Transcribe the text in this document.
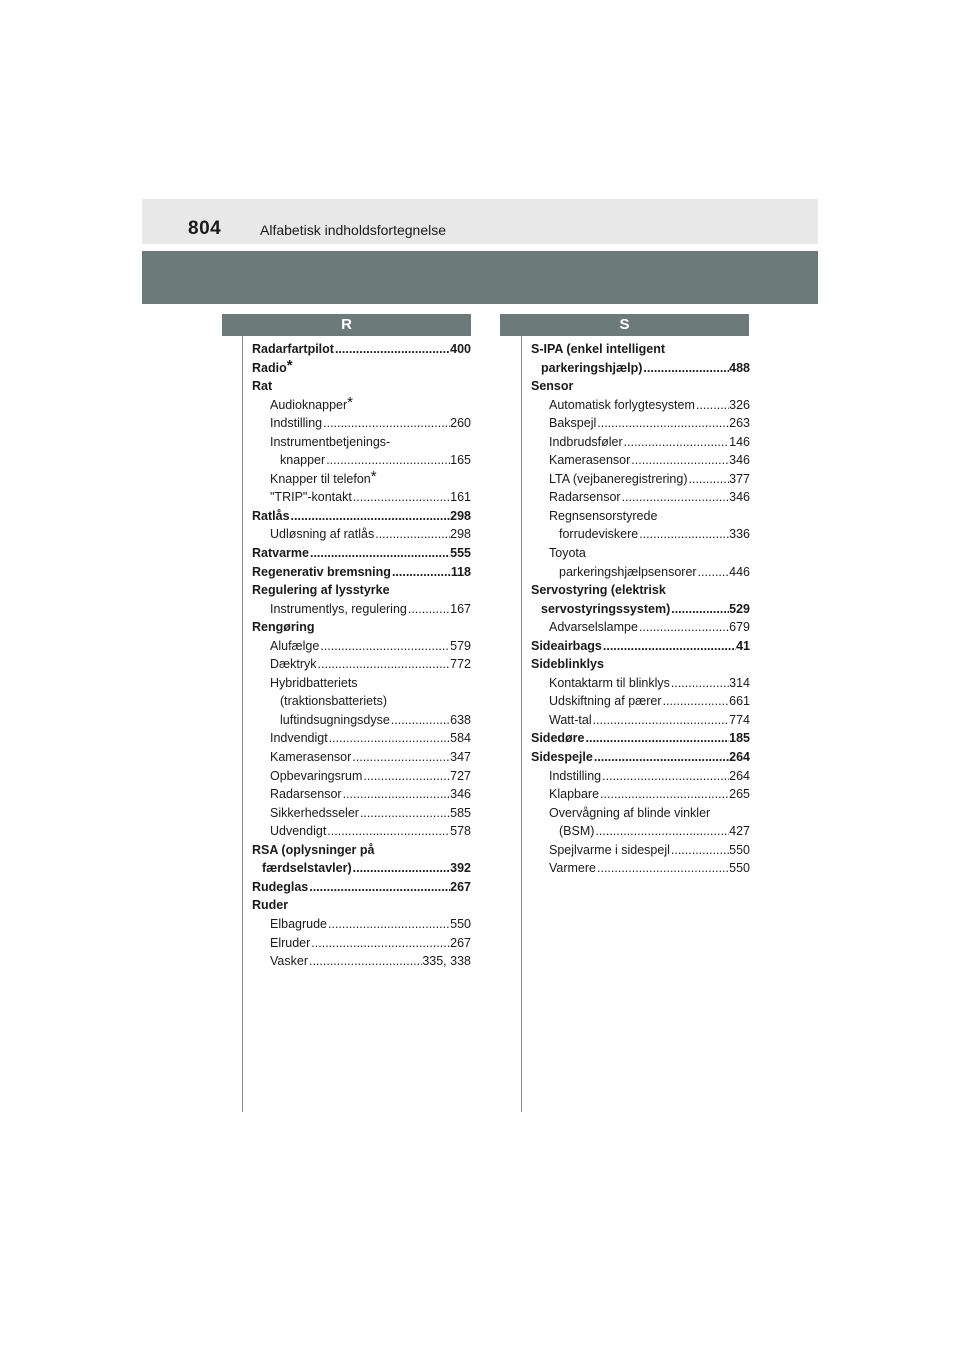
804	Alfabetisk indholdsfortegnelse
R	S
Radarfartpilot .....	400
Radio*
Rat
Audioknapper*
Indstilling .....	260
Instrumentbetjenings-
knapper .....	165
Knapper til telefon*
"TRIP"-kontakt .....	161
Ratlås .....	298
Udløsning af ratlås .....	298
Ratvarme .....	555
Regenerativ bremsning .....	118
Regulering af lysstyrke
Instrumentlys, regulering .....	167
Rengøring
Alufælge .....	579
Dæktryk .....	772
Hybridbatteriets
(traktionsbatteriets)
luftindsugningsdyse .....	638
Indvendigt .....	584
Kamerasensor .....	347
Opbevaringsrum .....	727
Radarsensor .....	346
Sikkerhedsseler .....	585
Udvendigt .....	578
RSA (oplysninger på
færdselstavler) .....	392
Rudeglas .....	267
Ruder
Elbagrude .....	550
Elruder .....	267
Vasker .....	335, 338
S-IPA (enkel intelligent
parkeringshjælp) .....	488
Sensor
Automatisk forlygtesystem .....	326
Bakspejl .....	263
Indbrudsføler .....	146
Kamerasensor .....	346
LTA (vejbaneregistrering) .....	377
Radarsensor .....	346
Regnsensorstyrede
forrudeviskere .....	336
Toyota
parkeringshjælpsensorer .....	446
Servostyring (elektrisk
servostyringssystem) .....	529
Advarselslampe .....	679
Sideairbags .....	41
Sideblinklys
Kontaktarm til blinklys .....	314
Udskiftning af pærer .....	661
Watt-tal .....	774
Sidedøre .....	185
Sidespejle .....	264
Indstilling .....	264
Klapbare .....	265
Overvågning af blinde vinkler
(BSM) .....	427
Spejlvarme i sidespejl .....	550
Varmere .....	550
